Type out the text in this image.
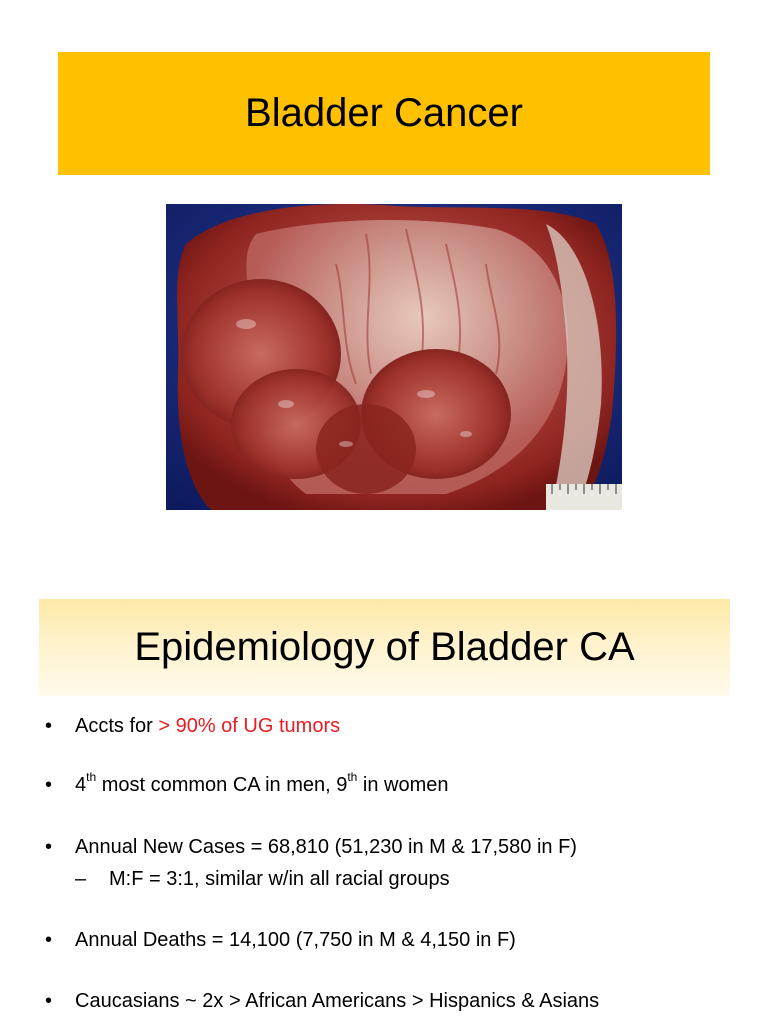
Bladder Cancer
Epidemiology of Bladder CA
• Accts for > 90% of UG tumors
• 4th most common CA in men, 9th in women
• Annual New Cases = 68,810 (51,230 in M & 17,580 in F)
– M:F = 3:1, similar w/in all racial groups
• Annual Deaths = 14,100 (7,750 in M & 4,150 in F)
• Caucasians ~ 2x > African Americans > Hispanics & Asians
